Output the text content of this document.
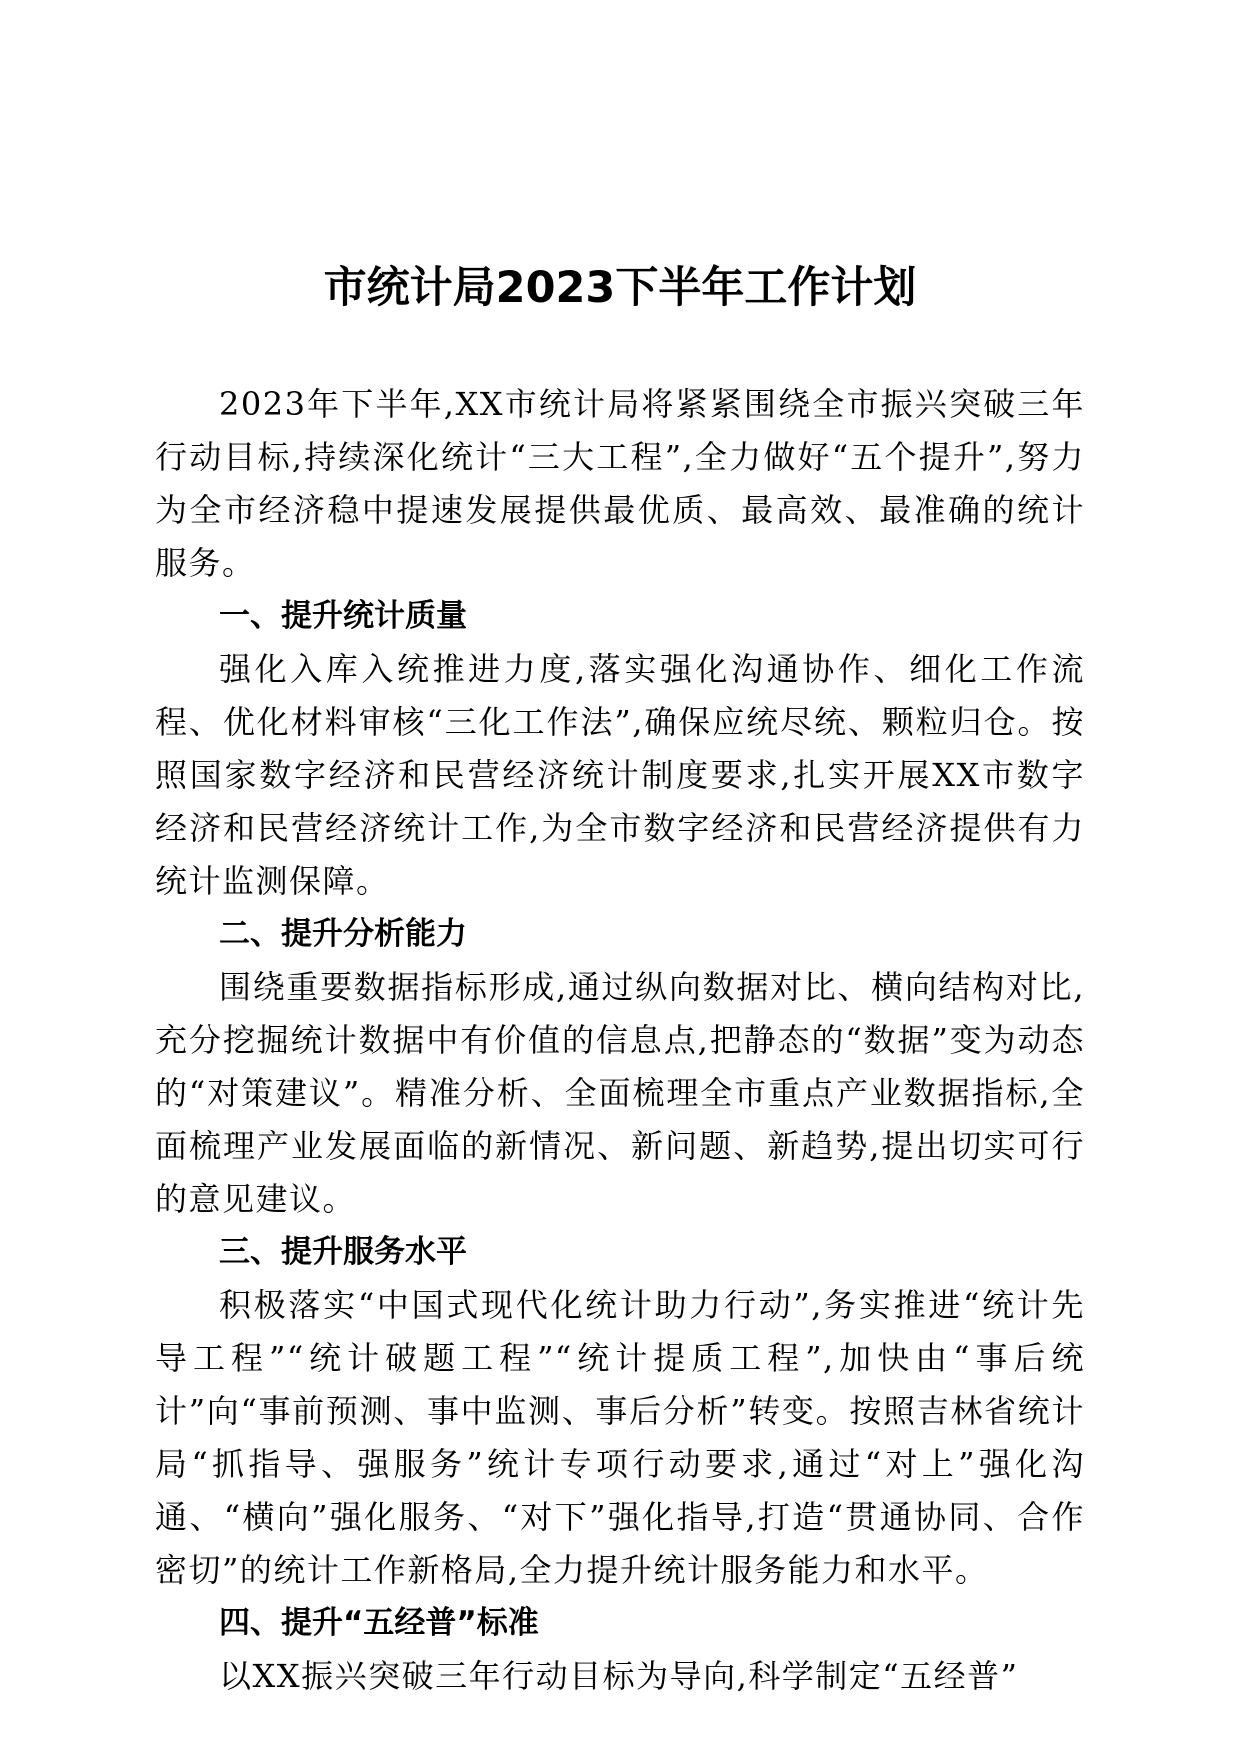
市统计局2023下半年工作计划

2023年下半年,XX市统计局将紧紧围绕全市振兴突破三年行动目标,持续深化统计“三大工程”,全力做好“五个提升”,努力为全市经济稳中提速发展提供最优质、最高效、最准确的统计服务。

一、提升统计质量

强化入库入统推进力度,落实强化沟通协作、细化工作流程、优化材料审核“三化工作法”,确保应统尽统、颗粒归仓。按照国家数字经济和民营经济统计制度要求,扎实开展XX市数字经济和民营经济统计工作,为全市数字经济和民营经济提供有力统计监测保障。

二、提升分析能力

围绕重要数据指标形成,通过纵向数据对比、横向结构对比,充分挖掘统计数据中有价值的信息点,把静态的“数据”变为动态的“对策建议”。精准分析、全面梳理全市重点产业数据指标,全面梳理产业发展面临的新情况、新问题、新趋势,提出切实可行的意见建议。

三、提升服务水平

积极落实“中国式现代化统计助力行动”,务实推进“统计先导工程”“统计破题工程”“统计提质工程”,加快由“事后统计”向“事前预测、事中监测、事后分析”转变。按照吉林省统计局“抓指导、强服务”统计专项行动要求,通过“对上”强化沟通、“横向”强化服务、“对下”强化指导,打造“贯通协同、合作密切”的统计工作新格局,全力提升统计服务能力和水平。

四、提升“五经普”标准

以XX振兴突破三年行动目标为导向,科学制定“五经普”
